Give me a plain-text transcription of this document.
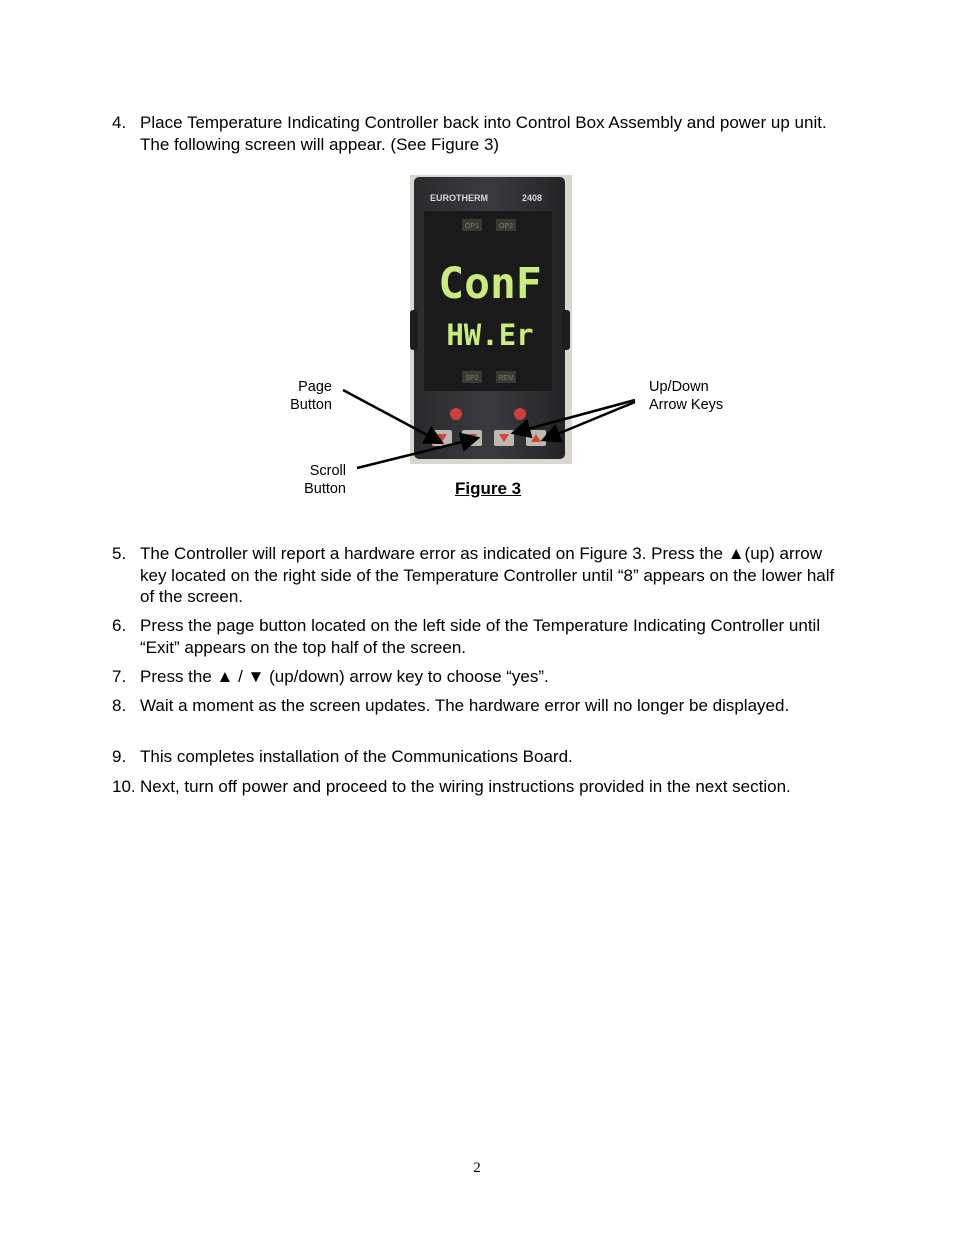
4. Place Temperature Indicating Controller back into Control Box Assembly and power up unit. The following screen will appear. (See Figure 3)
EUROTHERM	2408
OP1	OP2
ConF
HW.Er
SP2	REM
Page
Button
Scroll
Button
Up/Down
Arrow Keys
Figure 3
5. The Controller will report a hardware error as indicated on Figure 3. Press the ▲(up) arrow key located on the right side of the Temperature Controller until “8” appears on the lower half of the screen.
6. Press the page button located on the left side of the Temperature Indicating Controller until “Exit” appears on the top half of the screen.
7. Press the ▲ / ▼ (up/down) arrow key to choose “yes”.
8. Wait a moment as the screen updates. The hardware error will no longer be displayed.
9. This completes installation of the Communications Board.
10. Next, turn off power and proceed to the wiring instructions provided in the next section.
2
